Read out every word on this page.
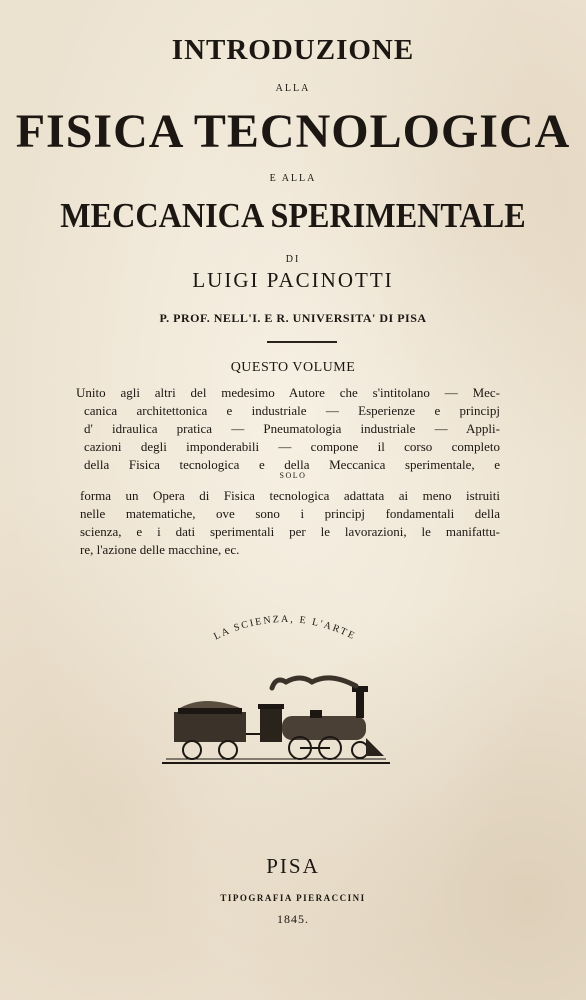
INTRODUZIONE
ALLA
FISICA TECNOLOGICA
E ALLA
MECCANICA SPERIMENTALE
DI
LUIGI PACINOTTI
P. PROF. NELL'I. E R. UNIVERSITA' DI PISA
QUESTO VOLUME
Unito agli altri del medesimo Autore che s'intitolano — Mec-
canica architettonica e industriale — Esperienze e principj
d' idraulica pratica — Pneumatologia industriale — Appli-
cazioni degli imponderabili — compone il corso completo
della Fisica tecnologica e della Meccanica sperimentale, e
SOLO
forma un Opera di Fisica tecnologica adattata ai meno istruiti
nelle matematiche, ove sono i principj fondamentali della
scienza, e i dati sperimentali per le lavorazioni, le manifattu-
re, l'azione delle macchine, ec.
LA SCIENZA, E L'ARTE
PISA
TIPOGRAFIA PIERACCINI
1845.
